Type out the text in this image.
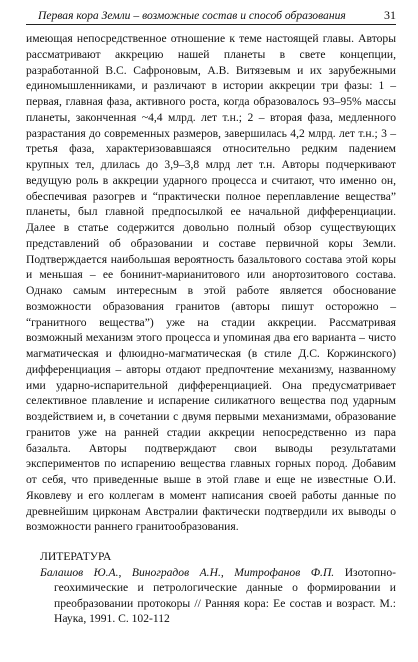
Первая кора Земли – возможные состав и способ образования	31

имеющая непосредственное отношение к теме настоящей главы. Авторы рассматривают аккрецию нашей планеты в свете концепции, разработанной В.С. Сафроновым, А.В. Витязевым и их зарубежными единомышленниками, и различают в истории аккреции три фазы: 1 – первая, главная фаза, активного роста, когда образовалось 93–95% массы планеты, законченная ~4,4 млрд. лет т.н.; 2 – вторая фаза, медленного разрастания до современных размеров, завершилась 4,2 млрд. лет т.н.; 3 – третья фаза, характеризовавшаяся относительно редким падением крупных тел, длилась до 3,9–3,8 млрд лет т.н. Авторы подчеркивают ведущую роль в аккреции ударного процесса и считают, что именно он, обеспечивая разогрев и “практически полное переплавление вещества” планеты, был главной предпосылкой ее начальной дифференциации. Далее в статье содержится довольно полный обзор существующих представлений об образовании и составе первичной коры Земли. Подтверждается наибольшая вероятность базальтового состава этой коры и меньшая – ее бонинит-марианитового или анортозитового состава. Однако самым интересным в этой работе является обоснование возможности образования гранитов (авторы пишут осторожно – “гранитного вещества”) уже на стадии аккреции. Рассматривая возможный механизм этого процесса и упоминая два его варианта – чисто магматическая и флюидно-магматическая (в стиле Д.С. Коржинского) дифференциация – авторы отдают предпочтение механизму, названному ими ударно-испарительной дифференциацией. Она предусматривает селективное плавление и испарение силикатного вещества под ударным воздействием и, в сочетании с двумя первыми механизмами, образование гранитов уже на ранней стадии аккреции непосредственно из пара базальта. Авторы подтверждают свои выводы результатами экспериментов по испарению вещества главных горных пород. Добавим от себя, что приведенные выше в этой главе и еще не известные О.И. Яковлеву и его коллегам в момент написания своей работы данные по древнейшим цирконам Австралии фактически подтвердили их выводы о возможности раннего гранитообразования.

ЛИТЕРАТУРА

Балашов Ю.А., Виноградов А.Н., Митрофанов Ф.П. Изотопно-геохимические и петрологические данные о формировании и преобразовании протокоры // Ранняя кора: Ее состав и возраст. М.: Наука, 1991. С. 102-112
